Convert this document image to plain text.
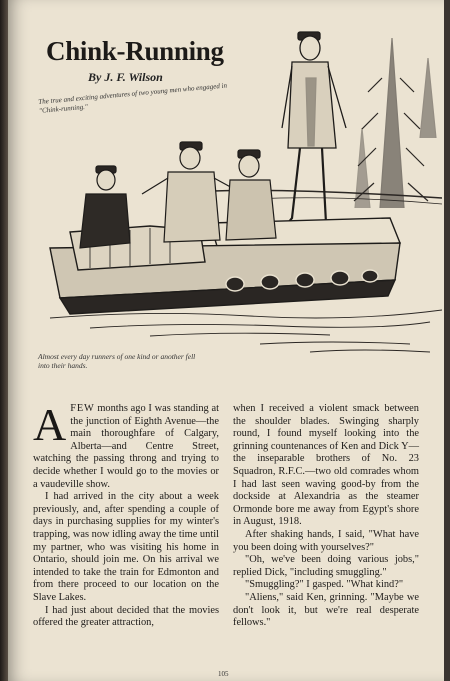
Chink-Running
By J. F. Wilson
The true and exciting adventures of two young men who engaged in "Chink-running."
Almost every day runners of one kind or another fell into their hands.

AFEW months ago I was standing at the junction of Eighth Avenue—the main thoroughfare of Calgary, Alberta—and Centre Street, watching the passing throng and trying to decide whether I would go to the movies or a vaudeville show.

I had arrived in the city about a week previously, and, after spending a couple of days in purchasing supplies for my winter's trapping, was now idling away the time until my partner, who was visiting his home in Ontario, should join me. On his arrival we intended to take the train for Edmonton and from there proceed to our location on the Slave Lakes.

I had just about decided that the movies offered the greater attraction,

when I received a violent smack between the shoulder blades. Swinging sharply round, I found myself looking into the grinning countenances of Ken and Dick Y— the inseparable brothers of No. 23 Squadron, R.F.C.—two old comrades whom I had last seen waving good-by from the dockside at Alexandria as the steamer Ormonde bore me away from Egypt's shore in August, 1918.

After shaking hands, I said, "What have you been doing with yourselves?"

"Oh, we've been doing various jobs," replied Dick, "including smuggling."

"Smuggling?" I gasped. "What kind?"

"Aliens," said Ken, grinning. "Maybe we don't look it, but we're real desperate fellows."

105
